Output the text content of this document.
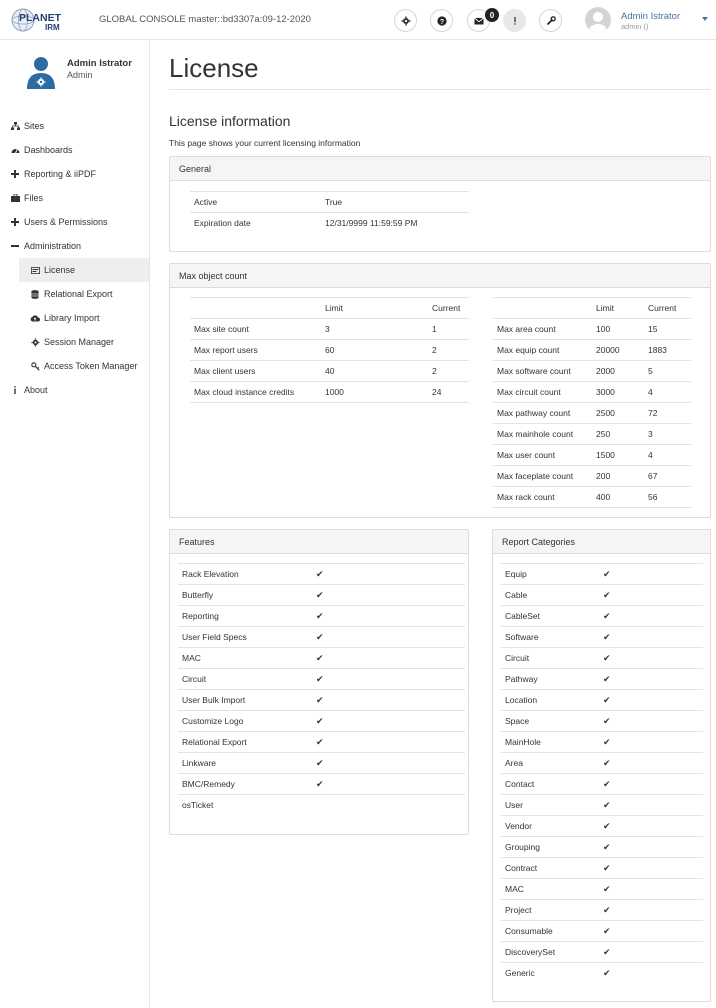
PLANET
IRM
GLOBAL CONSOLE master::bd3307a:09-12-2020	?
0	Admin Istrator
admin ()
Admin Istrator
Admin
Sites
Dashboards
Reporting & iiPDF
Files
Users & Permissions
Administration
License
Relational Export
Library Import
Session Manager
Access Token Manager
About
License
License information
This page shows your current licensing information
General
Active	True
Expiration date	12/31/9999 11:59:59 PM
Max object count
	Limit	Current
Max site count	3	1
Max report users	60	2
Max client users	40	2
Max cloud instance credits	1000	24
	Limit	Current
Max area count	100	15
Max equip count	20000	1883
Max software count	2000	5
Max circuit count	3000	4
Max pathway count	2500	72
Max mainhole count	250	3
Max user count	1500	4
Max faceplate count	200	67
Max rack count	400	56
Features
Rack Elevation	✔
Butterfly	✔
Reporting	✔
User Field Specs	✔
MAC	✔
Circuit	✔
User Bulk Import	✔
Customize Logo	✔
Relational Export	✔
Linkware	✔
BMC/Remedy	✔
osTicket	
Report Categories
Equip	✔
Cable	✔
CableSet	✔
Software	✔
Circuit	✔
Pathway	✔
Location	✔
Space	✔
MainHole	✔
Area	✔
Contact	✔
User	✔
Vendor	✔
Grouping	✔
Contract	✔
MAC	✔
Project	✔
Consumable	✔
DiscoverySet	✔
Generic	✔
